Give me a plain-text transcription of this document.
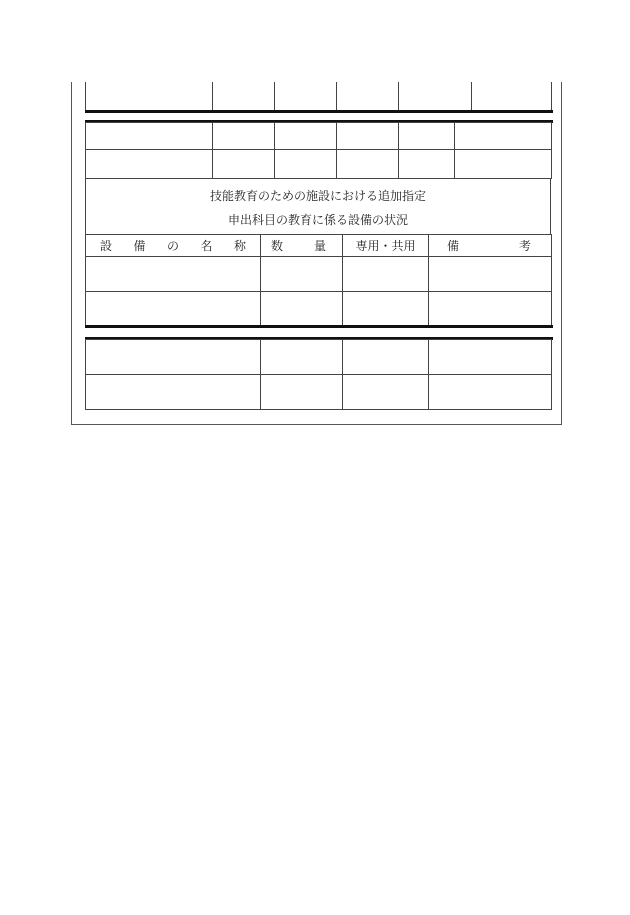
技能教育のための施設における追加指定
申出科目の教育に係る設備の状況
設 備 の 名 称	数 量	専用・共用	備 考
